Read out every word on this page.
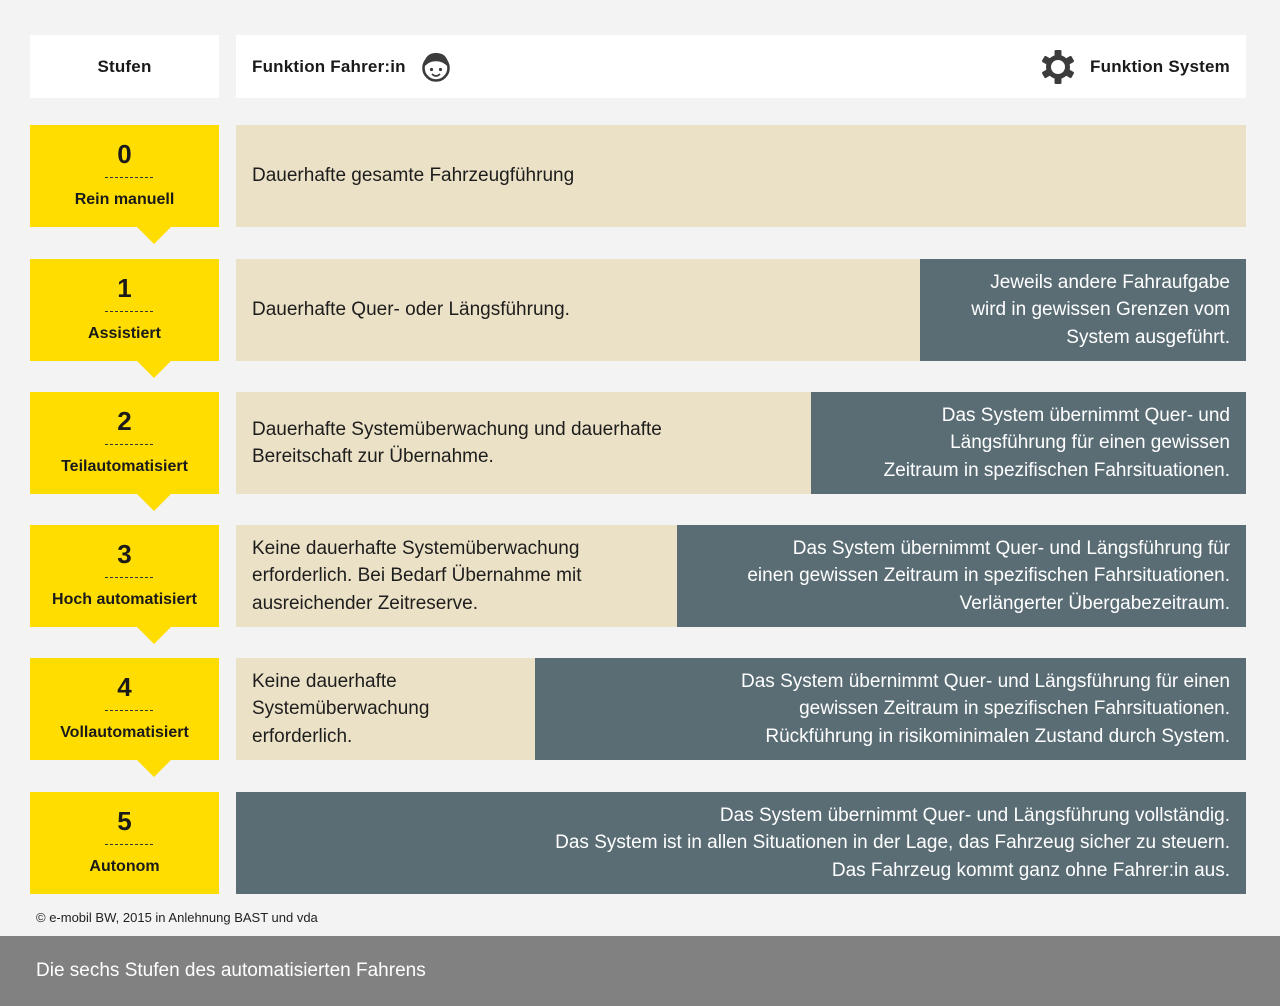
Stufen	Funktion Fahrer:in	Funktion System
0
Rein manuell
Dauerhafte gesamte Fahrzeugführung
1
Assistiert
Dauerhafte Quer- oder Längsführung.
Jeweils andere Fahraufgabe
wird in gewissen Grenzen vom
System ausgeführt.
2
Teilautomatisiert
Dauerhafte Systemüberwachung und dauerhafte
Bereitschaft zur Übernahme.
Das System übernimmt Quer- und
Längsführung für einen gewissen
Zeitraum in spezifischen Fahrsituationen.
3
Hoch automatisiert
Keine dauerhafte Systemüberwachung
erforderlich. Bei Bedarf Übernahme mit
ausreichender Zeitreserve.
Das System übernimmt Quer- und Längsführung für
einen gewissen Zeitraum in spezifischen Fahrsituationen.
Verlängerter Übergabezeitraum.
4
Vollautomatisiert
Keine dauerhafte
Systemüberwachung
erforderlich.
Das System übernimmt Quer- und Längsführung für einen
gewissen Zeitraum in spezifischen Fahrsituationen.
Rückführung in risikominimalen Zustand durch System.
5
Autonom
Das System übernimmt Quer- und Längsführung vollständig.
Das System ist in allen Situationen in der Lage, das Fahrzeug sicher zu steuern.
Das Fahrzeug kommt ganz ohne Fahrer:in aus.
© e-mobil BW, 2015 in Anlehnung BAST und vda
Die sechs Stufen des automatisierten Fahrens
